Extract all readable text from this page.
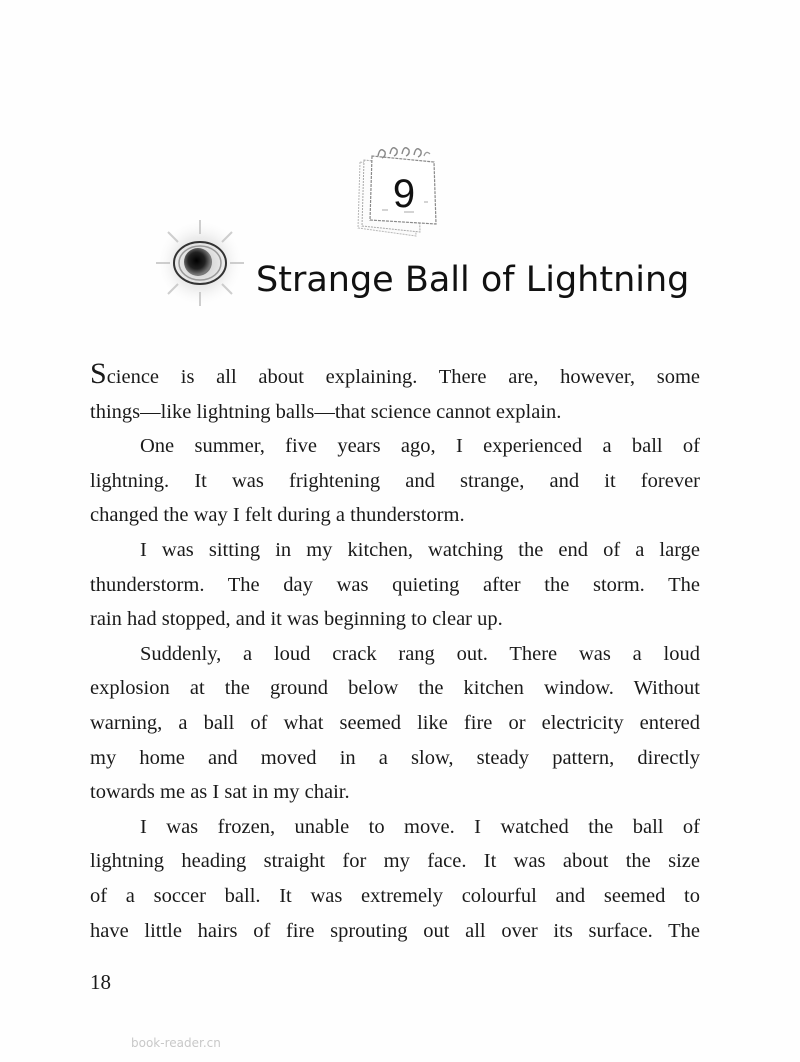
9
Strange Ball of Lightning
Science is all about explaining. There are, however, some
things—like lightning balls—that science cannot explain.
One summer, five years ago, I experienced a ball of
lightning. It was frightening and strange, and it forever
changed the way I felt during a thunderstorm.
I was sitting in my kitchen, watching the end of a large
thunderstorm. The day was quieting after the storm. The
rain had stopped, and it was beginning to clear up.
Suddenly, a loud crack rang out. There was a loud
explosion at the ground below the kitchen window. Without
warning, a ball of what seemed like fire or electricity entered
my home and moved in a slow, steady pattern, directly
towards me as I sat in my chair.
I was frozen, unable to move. I watched the ball of
lightning heading straight for my face. It was about the size
of a soccer ball. It was extremely colourful and seemed to
have little hairs of fire sprouting out all over its surface. The
18
book-reader.cn
